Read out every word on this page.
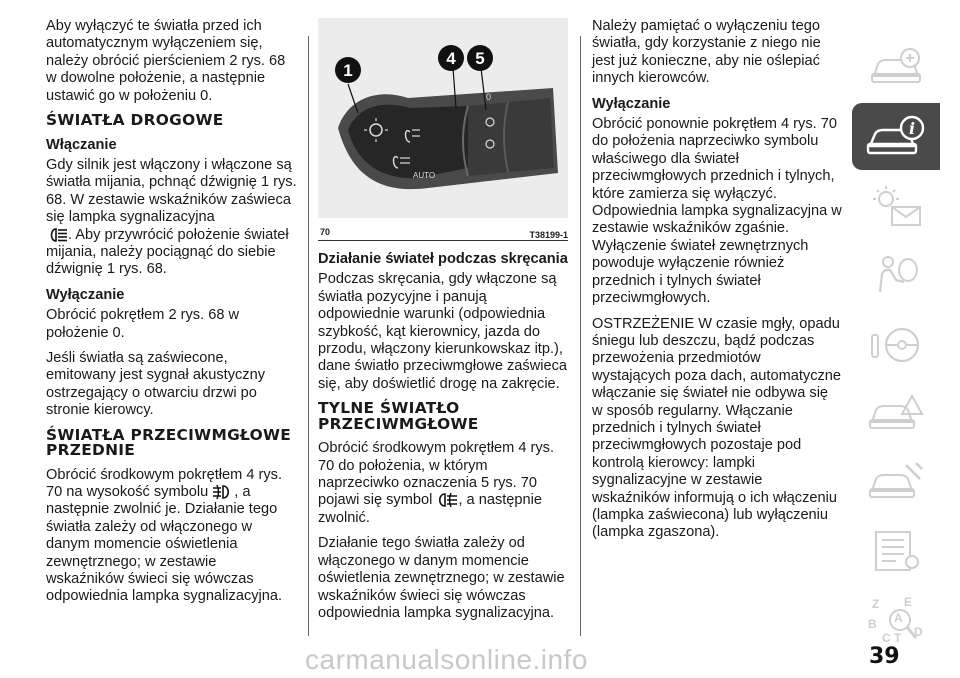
Aby wyłączyć te światła przed ich automatycznym wyłączeniem się, należy obrócić pierścieniem 2 rys. 68 w dowolne położenie, a następnie ustawić go w położeniu 0.

ŚWIATŁA DROGOWE
Włączanie

Gdy silnik jest włączony i włączone są światła mijania, pchnąć dźwignię 1 rys. 68. W zestawie wskaźników zaświeca się lampka sygnalizacyjna
. Aby przywrócić położenie świateł mijania, należy pociągnąć do siebie dźwignię 1 rys. 68.

Wyłączanie

Obrócić pokrętłem 2 rys. 68 w położenie 0.

Jeśli światła są zaświecone, emitowany jest sygnał akustyczny ostrzegający o otwarciu drzwi po stronie kierowcy.

ŚWIATŁA PRZECIWMGŁOWE PRZEDNIE

Obrócić środkowym pokrętłem 4 rys. 70 na wysokość symbolu , a następnie zwolnić je. Działanie tego światła zależy od włączonego w danym momencie oświetlenia zewnętrznego; w zestawie wskaźników świeci się wówczas odpowiednia lampka sygnalizacyjna.

AUTO
0
1
4 5
70	T38199-1
Działanie świateł podczas skręcania

Podczas skręcania, gdy włączone są światła pozycyjne i panują odpowiednie warunki (odpowiednia szybkość, kąt kierownicy, jazda do przodu, włączony kierunkowskaz itp.), dane światło przeciwmgłowe zaświeca się, aby doświetlić drogę na zakręcie.

TYLNE ŚWIATŁO PRZECIWMGŁOWE

Obrócić środkowym pokrętłem 4 rys. 70 do położenia, w którym naprzeciwko oznaczenia 5 rys. 70 pojawi się symbol , a następnie zwolnić.

Działanie tego światła zależy od włączonego w danym momencie oświetlenia zewnętrznego; w zestawie wskaźników świeci się wówczas odpowiednia lampka sygnalizacyjna.

Należy pamiętać o wyłączeniu tego światła, gdy korzystanie z niego nie jest już konieczne, aby nie oślepiać innych kierowców.

Wyłączanie

Obrócić ponownie pokrętłem 4 rys. 70 do położenia naprzeciwko symbolu właściwego dla świateł przeciwmgłowych przednich i tylnych, które zamierza się wyłączyć. Odpowiednia lampka sygnalizacyjna w zestawie wskaźników zgaśnie. Wyłączenie świateł zewnętrznych powoduje wyłączenie również przednich i tylnych świateł przeciwmgłowych.

OSTRZEŻENIE W czasie mgły, opadu śniegu lub deszczu, bądź podczas przewożenia przedmiotów wystających poza dach, automatyczne włączanie się świateł nie odbywa się w sposób regularny. Włączanie przednich i tylnych świateł przeciwmgłowych pozostaje pod kontrolą kierowcy: lampki sygnalizacyjne w zestawie wskaźników informują o ich włączeniu (lampka zaświecona) lub wyłączeniu (lampka zgaszona).

i
Z E
B A
C T D
carmanualsonline.info	39
